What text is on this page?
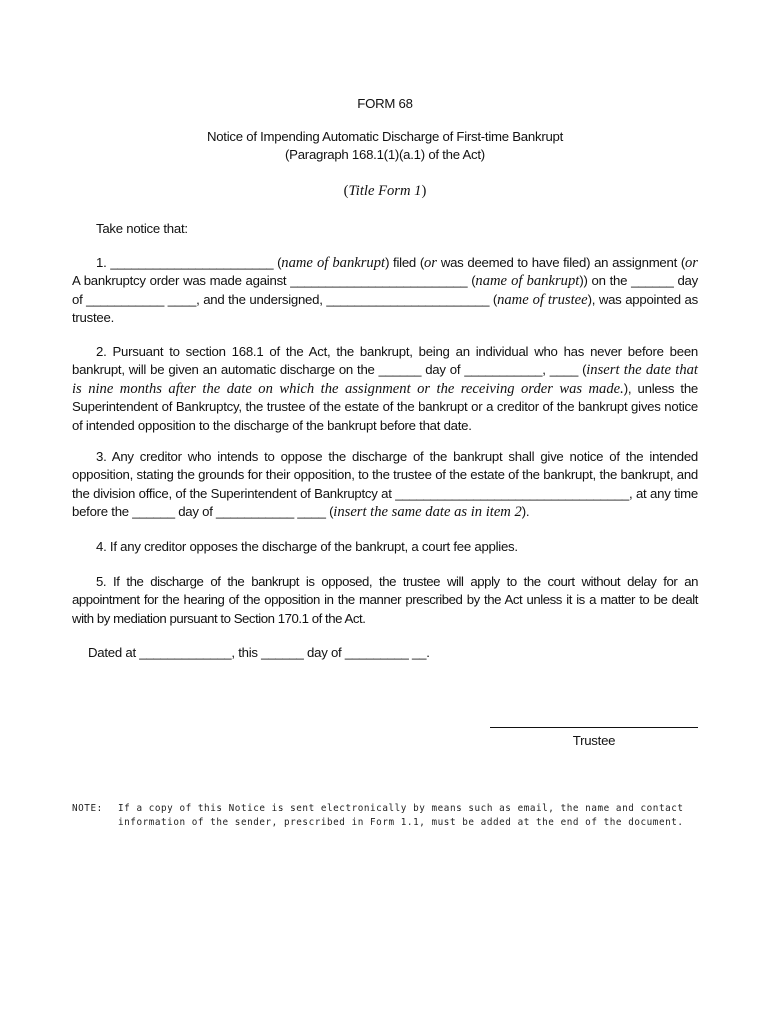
FORM 68
Notice of Impending Automatic Discharge of First-time Bankrupt
(Paragraph 168.1(1)(a.1) of the Act)
(Title Form 1)
Take notice that:
1. _______________________ (name of bankrupt) filed (or was deemed to have filed) an assignment (or A bankruptcy order was made against _________________________ (name of bankrupt)) on the ______ day of ___________ ____, and the undersigned, _______________________ (name of trustee), was appointed as trustee.
2. Pursuant to section 168.1 of the Act, the bankrupt, being an individual who has never before been bankrupt, will be given an automatic discharge on the ______ day of ___________, ____ (insert the date that is nine months after the date on which the assignment or the receiving order was made.), unless the Superintendent of Bankruptcy, the trustee of the estate of the bankrupt or a creditor of the bankrupt gives notice of intended opposition to the discharge of the bankrupt before that date.
3. Any creditor who intends to oppose the discharge of the bankrupt shall give notice of the intended opposition, stating the grounds for their opposition, to the trustee of the estate of the bankrupt, the bankrupt, and the division office, of the Superintendent of Bankruptcy at _________________________________, at any time before the ______ day of ___________ ____ (insert the same date as in item 2).
4. If any creditor opposes the discharge of the bankrupt, a court fee applies.
5. If the discharge of the bankrupt is opposed, the trustee will apply to the court without delay for an appointment for the hearing of the opposition in the manner prescribed by the Act unless it is a matter to be dealt with by mediation pursuant to Section 170.1 of the Act.
Dated at _____________, this ______ day of _________ __.
Trustee
NOTE:	If a copy of this Notice is sent electronically by means such as email, the name and contact information of the sender, prescribed in Form 1.1, must be added at the end of the document.
